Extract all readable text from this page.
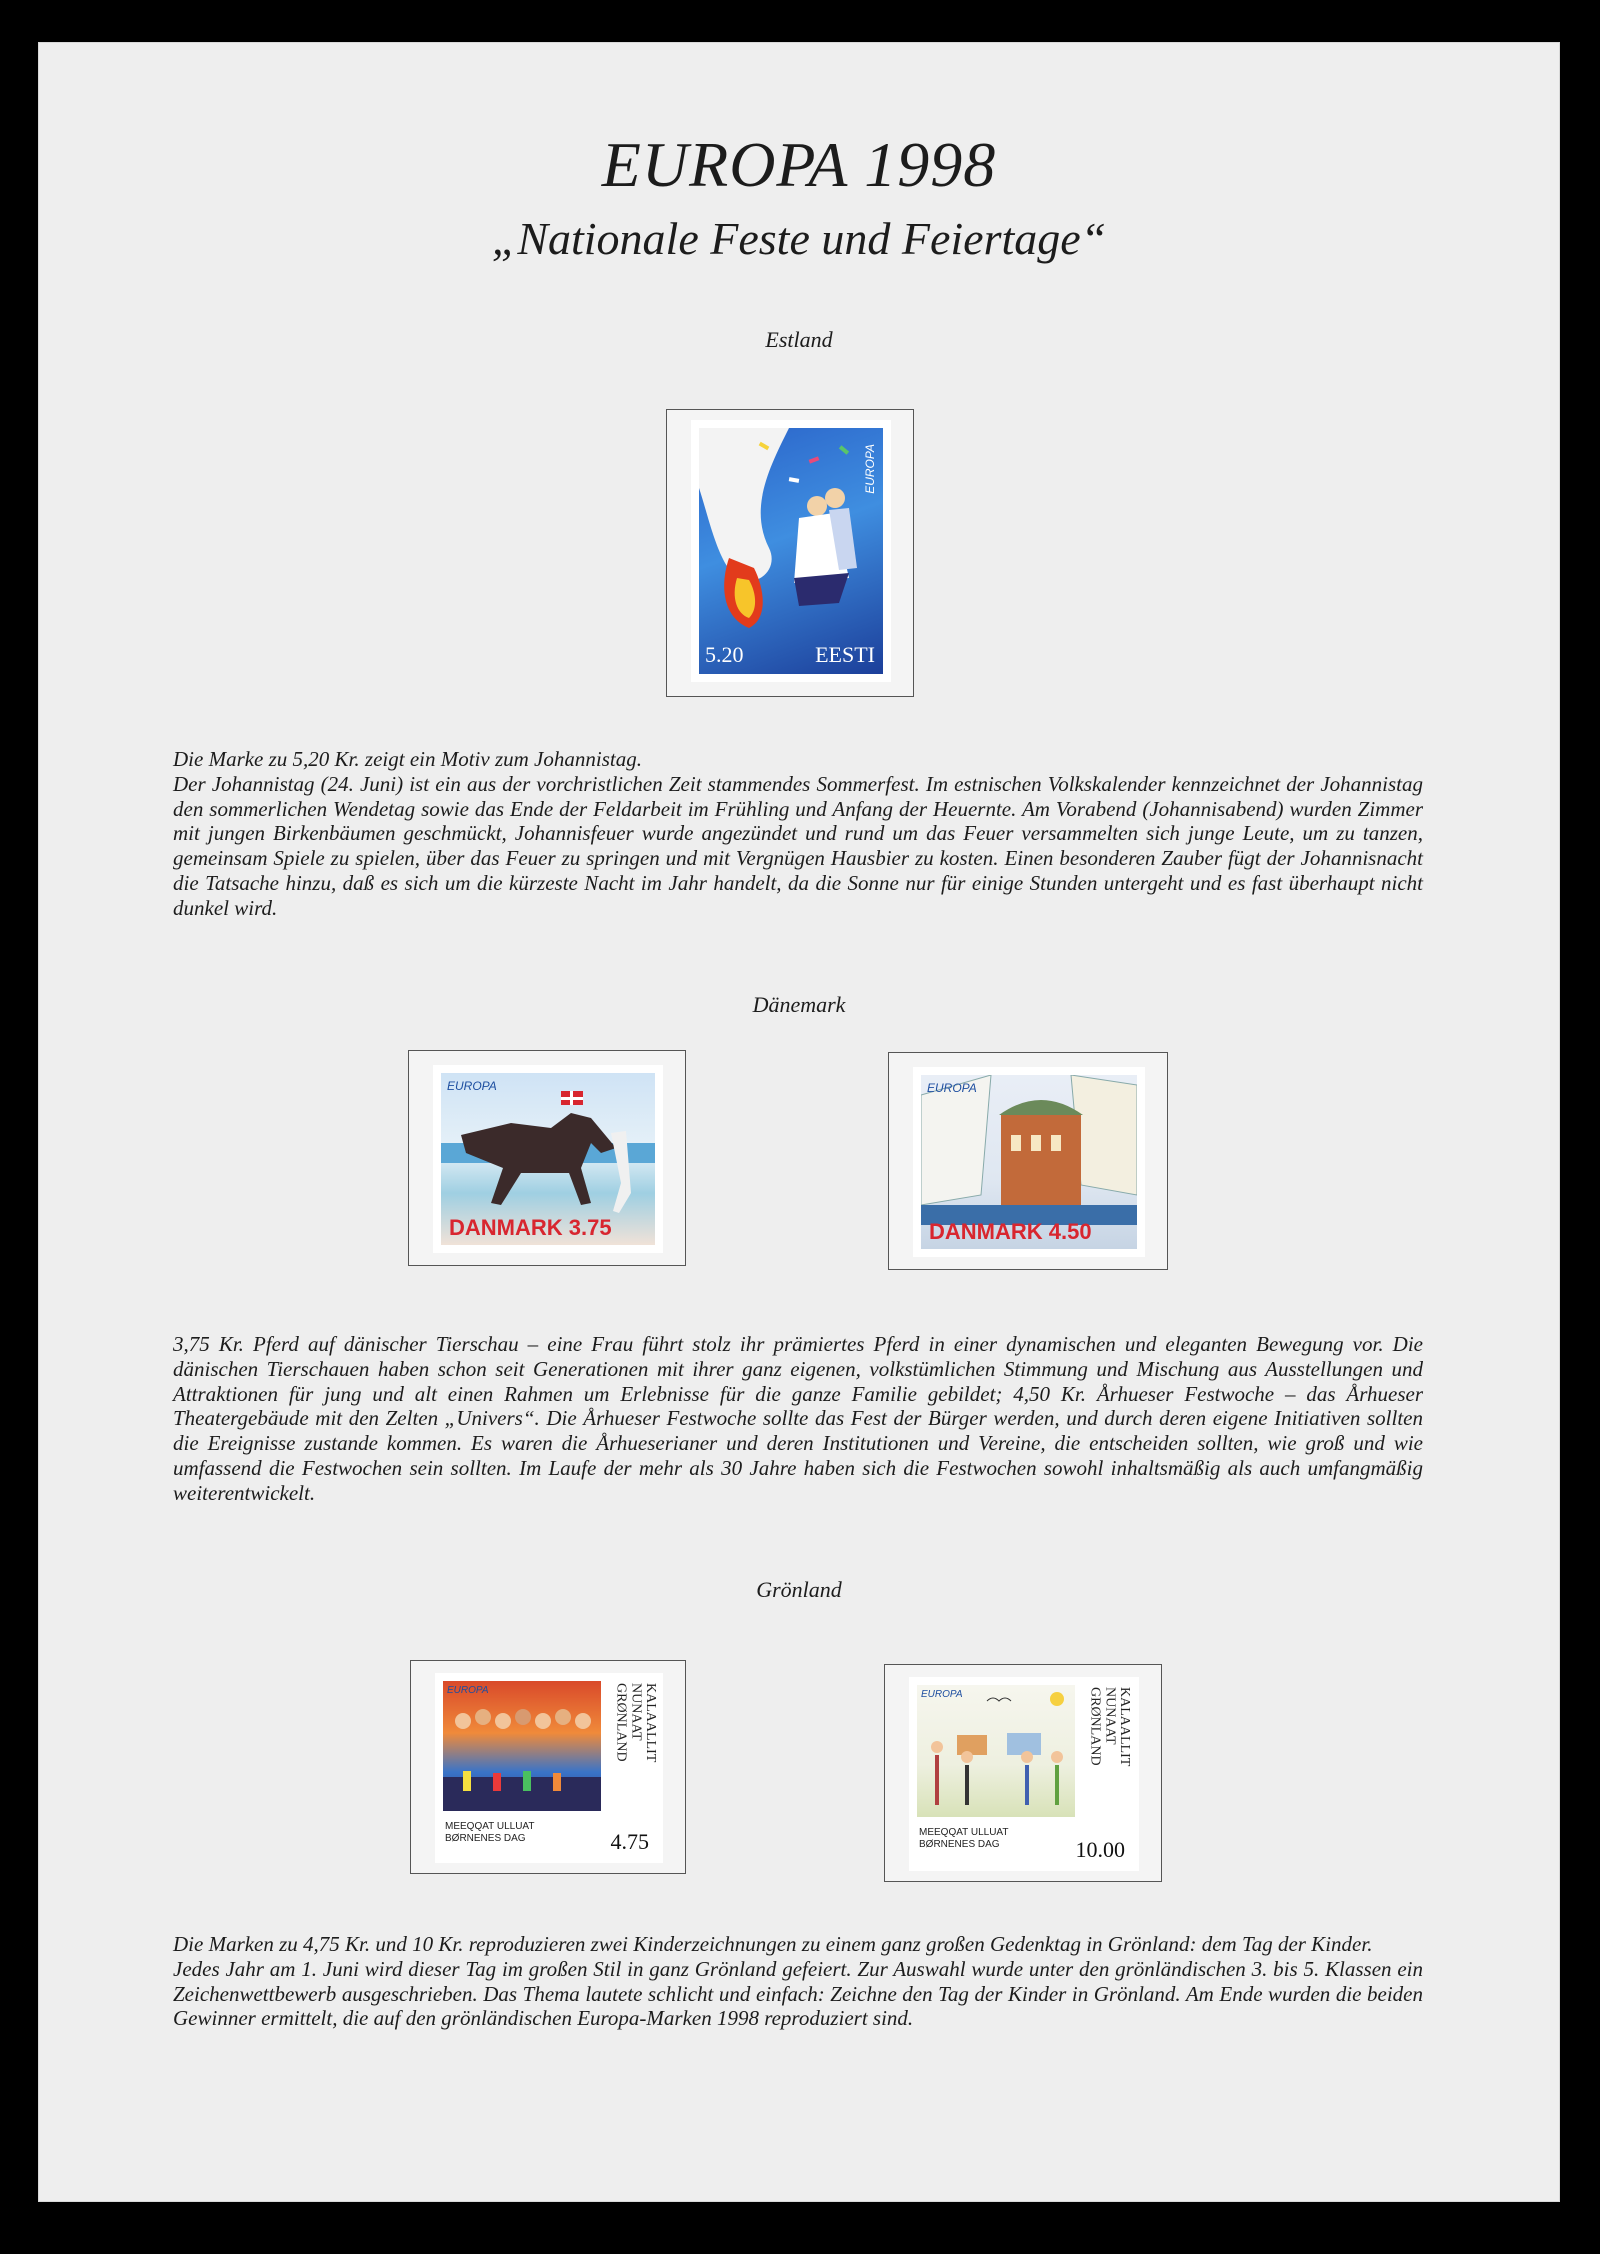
EUROPA 1998
„Nationale Feste und Feiertage“
Estland
EUROPA
5.20	EESTI

Die Marke zu 5,20 Kr. zeigt ein Motiv zum Johannistag.

Der Johannistag (24. Juni) ist ein aus der vorchristlichen Zeit stammendes Sommerfest. Im estnischen Volkskalender kennzeichnet der Johannistag den sommerlichen Wendetag sowie das Ende der Feldarbeit im Frühling und Anfang der Heuernte. Am Vorabend (Johannisabend) wurden Zimmer mit jungen Birkenbäumen geschmückt, Johannisfeuer wurde angezündet und rund um das Feuer versammelten sich junge Leute, um zu tanzen, gemeinsam Spiele zu spielen, über das Feuer zu springen und mit Vergnügen Hausbier zu kosten. Einen besonderen Zauber fügt der Johannisnacht die Tatsache hinzu, daß es sich um die kürzeste Nacht im Jahr handelt, da die Sonne nur für einige Stunden untergeht und es fast überhaupt nicht dunkel wird.

Dänemark
EUROPA
DANMARK 3.75
EUROPA
DANMARK 4.50

3,75 Kr. Pferd auf dänischer Tierschau – eine Frau führt stolz ihr prämiertes Pferd in einer dynamischen und eleganten Bewegung vor. Die dänischen Tierschauen haben schon seit Generationen mit ihrer ganz eigenen, volkstümlichen Stimmung und Mischung aus Ausstellungen und Attraktionen für jung und alt einen Rahmen um Erlebnisse für die ganze Familie gebildet; 4,50 Kr. Århueser Festwoche – das Århueser Theatergebäude mit den Zelten „Univers“. Die Århueser Festwoche sollte das Fest der Bürger werden, und durch deren eigene Initiativen sollten die Ereignisse zustande kommen. Es waren die Århueserianer und deren Institutionen und Vereine, die entscheiden sollten, wie groß und wie umfassend die Festwochen sein sollten. Im Laufe der mehr als 30 Jahre haben sich die Festwochen sowohl inhaltsmäßig als auch umfangmäßig weiterentwickelt.

Grönland
EUROPA	KALAALLIT NUNAAT GRØNLAND
MEEQQAT ULLUAT BØRNENES DAG	4.75
EUROPA	KALAALLIT NUNAAT GRØNLAND
MEEQQAT ULLUAT BØRNENES DAG	10.00

Die Marken zu 4,75 Kr. und 10 Kr. reproduzieren zwei Kinderzeichnungen zu einem ganz großen Gedenktag in Grönland: dem Tag der Kinder.

Jedes Jahr am 1. Juni wird dieser Tag im großen Stil in ganz Grönland gefeiert. Zur Auswahl wurde unter den grönländischen 3. bis 5. Klassen ein Zeichenwettbewerb ausgeschrieben. Das Thema lautete schlicht und einfach: Zeichne den Tag der Kinder in Grönland. Am Ende wurden die beiden Gewinner ermittelt, die auf den grönländischen Europa-Marken 1998 reproduziert sind.
